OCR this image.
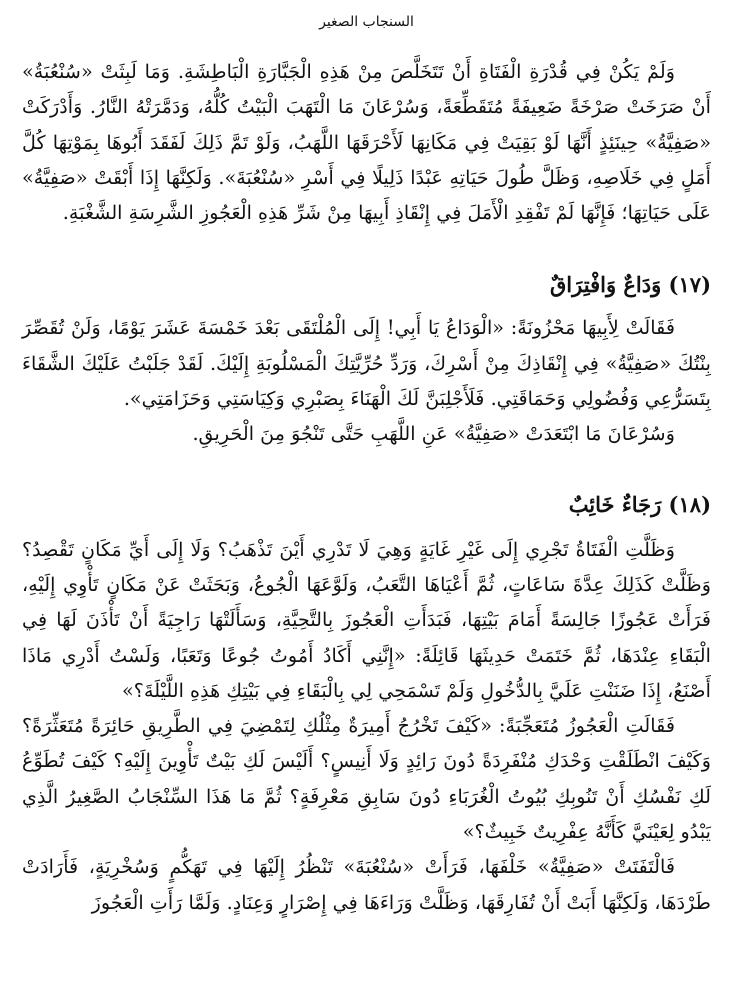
السنجاب الصغير

وَلَمْ يَكُنْ فِي قُدْرَةِ الْفَتَاةِ أَنْ تَتَخَلَّصَ مِنْ هَذِهِ الْجَبَّارَةِ الْبَاطِشَةِ. وَمَا لَبِثَتْ «سُنْعُبَةُ» أَنْ صَرَخَتْ صَرْخَةً ضَعِيفَةً مُتَقَطِّعَةً، وَسُرْعَانَ مَا الْتَهَبَ الْبَيْتُ كُلُّهُ، وَدَمَّرَتْهُ النَّارُ. وَأَدْرَكَتْ «صَفِيَّةُ» حِينَئِذٍ أَنَّهَا لَوْ بَقِيَتْ فِي مَكَانِهَا لَأَحْرَقَهَا اللَّهَبُ، وَلَوْ تَمَّ ذَلِكَ لَفَقَدَ أَبُوهَا بِمَوْتِهَا كُلَّ أَمَلٍ فِي خَلَاصِهِ، وَظَلَّ طُولَ حَيَاتِهِ عَبْدًا ذَلِيلًا فِي أَسْرِ «سُنْعُبَةَ». وَلَكِنَّهَا إِذَا أَبْقَتْ «صَفِيَّةُ» عَلَى حَيَاتِهَا؛ فَإِنَّهَا لَمْ تَفْقِدِ الْأَمَلَ فِي إِنْقَاذِ أَبِيهَا مِنْ شَرِّ هَذِهِ الْعَجُوزِ الشَّرِسَةِ الشَّغْبَةِ.

(١٧) وَدَاعٌ وَافْتِرَاقٌ

فَقَالَتْ لِأَبِيهَا مَحْزُونَةً: «الْوَدَاعُ يَا أَبِي! إِلَى الْمُلْتَقَى بَعْدَ خَمْسَةَ عَشَرَ يَوْمًا، وَلَنْ تُقَصِّرَ بِنْتُكَ «صَفِيَّةُ» فِي إِنْقَاذِكَ مِنْ أَسْرِكَ، وَرَدِّ حُرِّيَّتِكَ الْمَسْلُوبَةِ إِلَيْكَ. لَقَدْ جَلَبْتُ عَلَيْكَ الشَّقَاءَ بِتَسَرُّعِي وَفُضُولِي وَحَمَاقَتِي. فَلَأَجْلِبَنَّ لَكَ الْهَنَاءَ بِصَبْرِي وَكِيَاسَتِي وَحَزَامَتِي».

وَسُرْعَانَ مَا ابْتَعَدَتْ «صَفِيَّةُ» عَنِ اللَّهَبِ حَتَّى تَنْجُوَ مِنَ الْحَرِيقِ.

(١٨) رَجَاءٌ خَائِبٌ

وَظَلَّتِ الْفَتَاةُ تَجْرِي إِلَى غَيْرِ غَايَةٍ وَهِيَ لَا تَدْرِي أَيْنَ تَذْهَبُ؟ وَلَا إِلَى أَيِّ مَكَانٍ تَقْصِدُ؟ وَظَلَّتْ كَذَلِكَ عِدَّةَ سَاعَاتٍ، ثُمَّ أَعْيَاهَا التَّعَبُ، وَلَوَّعَهَا الْجُوعُ، وَبَحَثَتْ عَنْ مَكَانٍ تَأْوِي إِلَيْهِ، فَرَأَتْ عَجُوزًا جَالِسَةً أَمَامَ بَيْتِهَا، فَبَدَأَتِ الْعَجُوزَ بِالتَّحِيَّةِ، وَسَأَلَتْهَا رَاجِيَةً أَنْ تَأْذَنَ لَهَا فِي الْبَقَاءِ عِنْدَهَا، ثُمَّ خَتَمَتْ حَدِيثَهَا قَائِلَةً: «إِنَّنِي أَكَادُ أَمُوتُ جُوعًا وَتَعَبًا، وَلَسْتُ أَدْرِي مَاذَا أَصْنَعُ، إِذَا ضَنَنْتِ عَلَيَّ بِالدُّخُولِ وَلَمْ تَسْمَحِي لِي بِالْبَقَاءِ فِي بَيْتِكِ هَذِهِ اللَّيْلَةَ؟»

فَقَالَتِ الْعَجُوزُ مُتَعَجِّبَةً: «كَيْفَ تَخْرُجُ أَمِيرَةٌ مِثْلُكِ لِتَمْضِيَ فِي الطَّرِيقِ حَائِرَةً مُتَعَثِّرَةً؟ وَكَيْفَ انْطَلَقْتِ وَحْدَكِ مُنْفَرِدَةً دُونَ رَائِدٍ وَلَا أَنِيسٍ؟ أَلَيْسَ لَكِ بَيْتٌ تَأْوِينَ إِلَيْهِ؟ كَيْفَ تُطَوِّعُ لَكِ نَفْسُكِ أَنْ تَنُوبِكِ بُيُوتُ الْغُرَبَاءِ دُونَ سَابِقِ مَعْرِفَةٍ؟ ثُمَّ مَا هَذَا السِّنْجَابُ الصَّغِيرُ الَّذِي يَبْدُو لِعَيْنَيَّ كَأَنَّهُ عِفْرِيتٌ خَبِيثٌ؟»

فَالْتَفَتَتْ «صَفِيَّةُ» خَلْفَهَا، فَرَأَتْ «سُنْعُبَةَ» تَنْظُرُ إِلَيْهَا فِي تَهَكُّمٍ وَسُخْرِيَةٍ، فَأَرَادَتْ طَرْدَهَا، وَلَكِنَّهَا أَبَتْ أَنْ تُفَارِقَهَا، وَظَلَّتْ وَرَاءَهَا فِي إِصْرَارٍ وَعِنَادٍ. وَلَمَّا رَأَتِ الْعَجُوزَ
